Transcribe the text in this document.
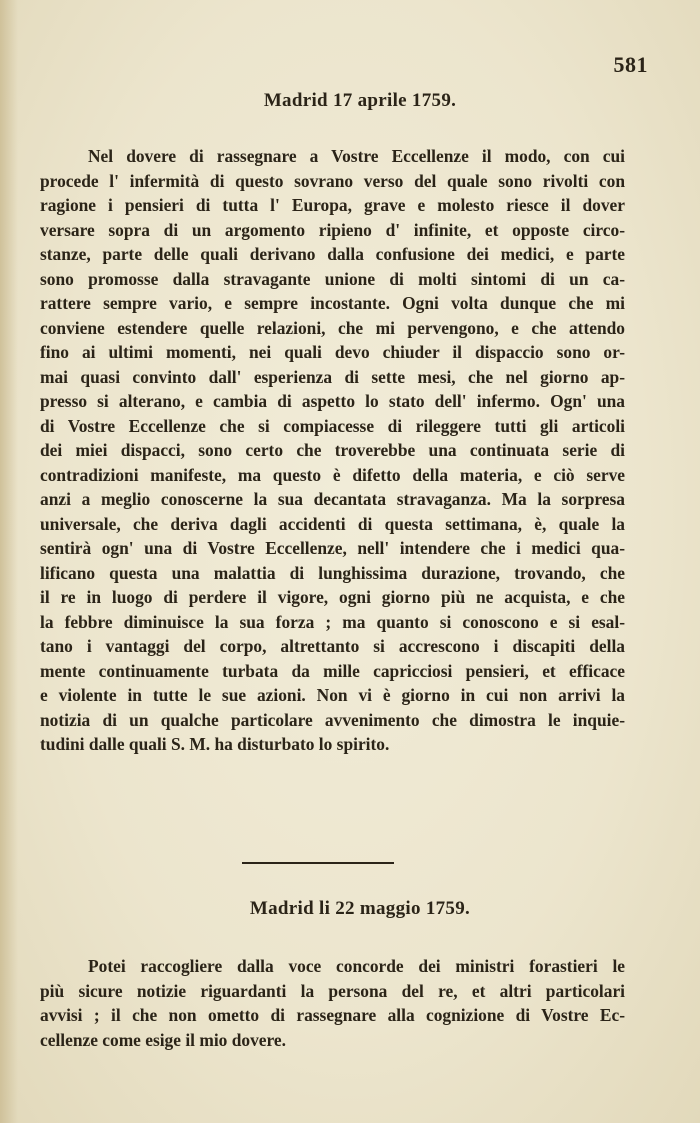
581
Madrid 17 aprile 1759.
Nel dovere di rassegnare a Vostre Eccellenze il modo, con cui
procede l' infermità di questo sovrano verso del quale sono rivolti con
ragione i pensieri di tutta l' Europa, grave e molesto riesce il dover
versare sopra di un argomento ripieno d' infinite, et opposte circo-
stanze, parte delle quali derivano dalla confusione dei medici, e parte
sono promosse dalla stravagante unione di molti sintomi di un ca-
rattere sempre vario, e sempre incostante. Ogni volta dunque che mi
conviene estendere quelle relazioni, che mi pervengono, e che attendo
fino ai ultimi momenti, nei quali devo chiuder il dispaccio sono or-
mai quasi convinto dall' esperienza di sette mesi, che nel giorno ap-
presso si alterano, e cambia di aspetto lo stato dell' infermo. Ogn' una
di Vostre Eccellenze che si compiacesse di rileggere tutti gli articoli
dei miei dispacci, sono certo che troverebbe una continuata serie di
contradizioni manifeste, ma questo è difetto della materia, e ciò serve
anzi a meglio conoscerne la sua decantata stravaganza. Ma la sorpresa
universale, che deriva dagli accidenti di questa settimana, è, quale la
sentirà ogn' una di Vostre Eccellenze, nell' intendere che i medici qua-
lificano questa una malattia di lunghissima durazione, trovando, che
il re in luogo di perdere il vigore, ogni giorno più ne acquista, e che
la febbre diminuisce la sua forza ; ma quanto si conoscono e si esal-
tano i vantaggi del corpo, altrettanto si accrescono i discapiti della
mente continuamente turbata da mille capricciosi pensieri, et efficace
e violente in tutte le sue azioni. Non vi è giorno in cui non arrivi la
notizia di un qualche particolare avvenimento che dimostra le inquie-
tudini dalle quali S. M. ha disturbato lo spirito.
Madrid li 22 maggio 1759.
Potei raccogliere dalla voce concorde dei ministri forastieri le
più sicure notizie riguardanti la persona del re, et altri particolari
avvisi ; il che non ometto di rassegnare alla cognizione di Vostre Ec-
cellenze come esige il mio dovere.
